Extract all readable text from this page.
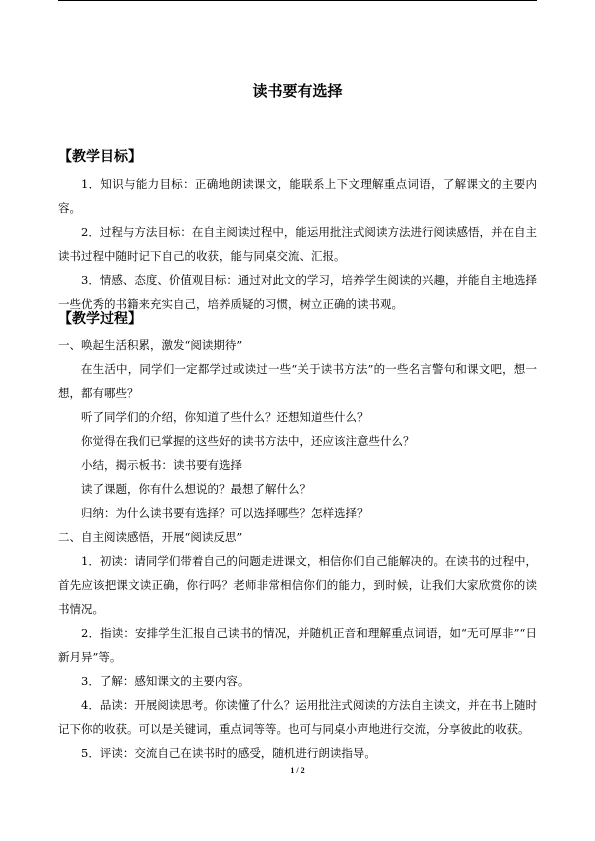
读书要有选择
【教学目标】
1．知识与能力目标：正确地朗读课文，能联系上下文理解重点词语，了解课文的主要内容。
2．过程与方法目标：在自主阅读过程中，能运用批注式阅读方法进行阅读感悟，并在自主读书过程中随时记下自己的收获，能与同桌交流、汇报。
3．情感、态度、价值观目标：通过对此文的学习，培养学生阅读的兴趣，并能自主地选择一些优秀的书籍来充实自己，培养质疑的习惯，树立正确的读书观。
【教学过程】
一、唤起生活积累，激发“阅读期待”
在生活中，同学们一定都学过或读过一些“关于读书方法”的一些名言警句和课文吧，想一想，都有哪些？
听了同学们的介绍，你知道了些什么？还想知道些什么？
你觉得在我们已掌握的这些好的读书方法中，还应该注意些什么？
小结，揭示板书：读书要有选择
读了课题，你有什么想说的？最想了解什么？
归纳：为什么读书要有选择？可以选择哪些？怎样选择？
二、自主阅读感悟，开展“阅读反思”
1．初读：请同学们带着自己的问题走进课文，相信你们自己能解决的。在读书的过程中，首先应该把课文读正确，你行吗？老师非常相信你们的能力，到时候，让我们大家欣赏你的读书情况。
2．指读：安排学生汇报自己读书的情况，并随机正音和理解重点词语，如“无可厚非”“日新月异”等。
3．了解：感知课文的主要内容。
4．品读：开展阅读思考。你读懂了什么？运用批注式阅读的方法自主读文，并在书上随时记下你的收获。可以是关键词，重点词等等。也可与同桌小声地进行交流，分享彼此的收获。
5．评读：交流自己在读书时的感受，随机进行朗读指导。
1 / 2
